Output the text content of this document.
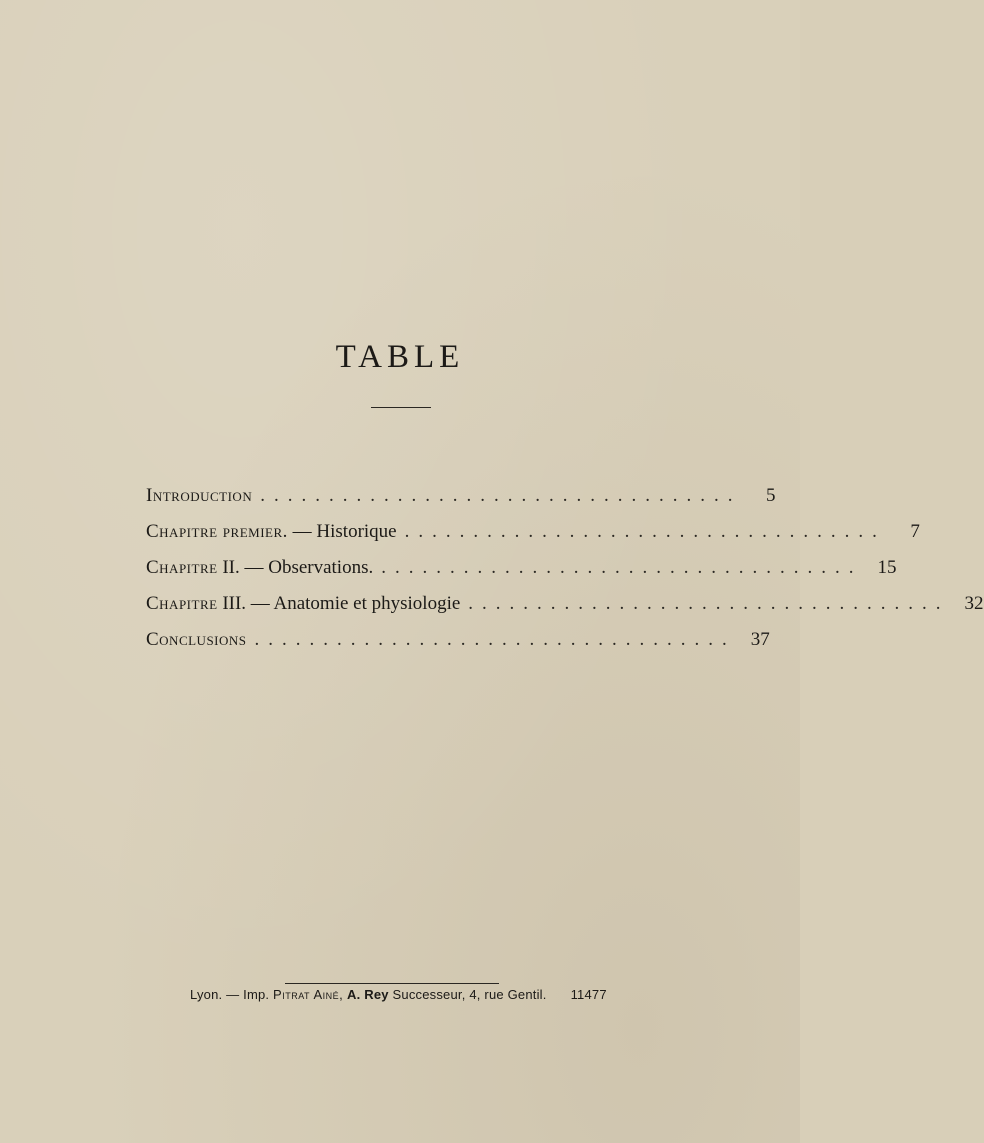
TABLE
Introduction ...................................	5
Chapitre premier. — Historique ...................................	7
Chapitre II. — Observations. ................................... 15
Chapitre III. — Anatomie et physiologie ................................... 32
Conclusions ................................... 37
Lyon. — Imp. Pitrat Ainé, A. Rey Successeur, 4, rue Gentil. 11477
